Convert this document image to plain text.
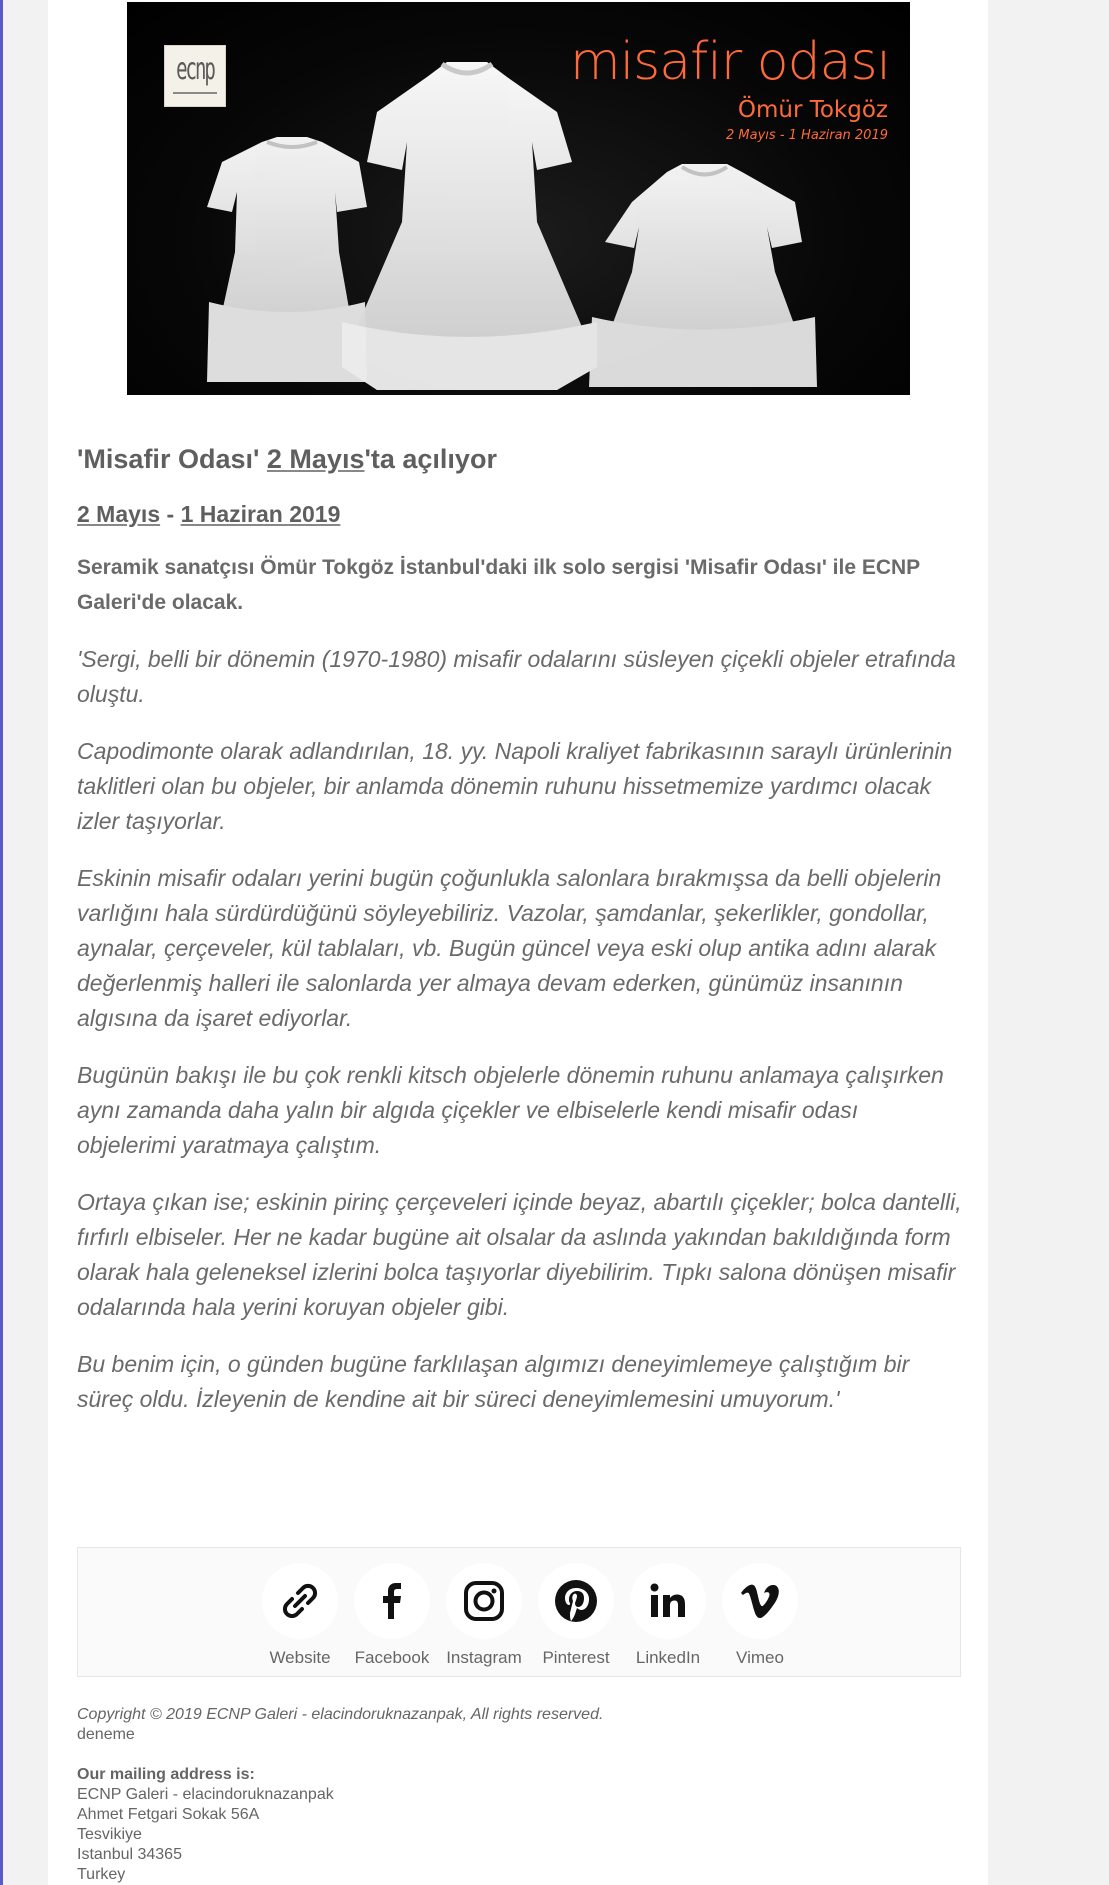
ecnp	misafir odası
Ömür Tokgöz
2 Mayıs - 1 Haziran 2019
'Misafir Odası' 2 Mayıs'ta açılıyor
2 Mayıs - 1 Haziran 2019

Seramik sanatçısı Ömür Tokgöz İstanbul'daki ilk solo sergisi 'Misafir Odası' ile ECNP Galeri'de olacak.

'Sergi, belli bir dönemin (1970-1980) misafir odalarını süsleyen çiçekli objeler etrafında oluştu.

Capodimonte olarak adlandırılan, 18. yy. Napoli kraliyet fabrikasının saraylı ürünlerinin taklitleri olan bu objeler, bir anlamda dönemin ruhunu hissetmemize yardımcı olacak izler taşıyorlar.

Eskinin misafir odaları yerini bugün çoğunlukla salonlara bırakmışsa da belli objelerin varlığını hala sürdürdüğünü söyleyebiliriz. Vazolar, şamdanlar, şekerlikler, gondollar, aynalar, çerçeveler, kül tablaları, vb. Bugün güncel veya eski olup antika adını alarak değerlenmiş halleri ile salonlarda yer almaya devam ederken, günümüz insanının algısına da işaret ediyorlar.

Bugünün bakışı ile bu çok renkli kitsch objelerle dönemin ruhunu anlamaya çalışırken aynı zamanda daha yalın bir algıda çiçekler ve elbiselerle kendi misafir odası objelerimi yaratmaya çalıştım.

Ortaya çıkan ise; eskinin pirinç çerçeveleri içinde beyaz, abartılı çiçekler; bolca dantelli, fırfırlı elbiseler. Her ne kadar bugüne ait olsalar da aslında yakından bakıldığında form olarak hala geleneksel izlerini bolca taşıyorlar diyebilirim. Tıpkı salona dönüşen misafir odalarında hala yerini koruyan objeler gibi.

Bu benim için, o günden bugüne farklılaşan algımızı deneyimlemeye çalıştığım bir süreç oldu. İzleyenin de kendine ait bir süreci deneyimlemesini umuyorum.'

Website	Facebook Instagram	Pinterest	LinkedIn	Vimeo
Copyright © 2019 ECNP Galeri - elacindoruknazanpak, All rights reserved.
deneme
Our mailing address is:
ECNP Galeri - elacindoruknazanpak
Ahmet Fetgari Sokak 56A
Tesvikiye
Istanbul 34365
Turkey
